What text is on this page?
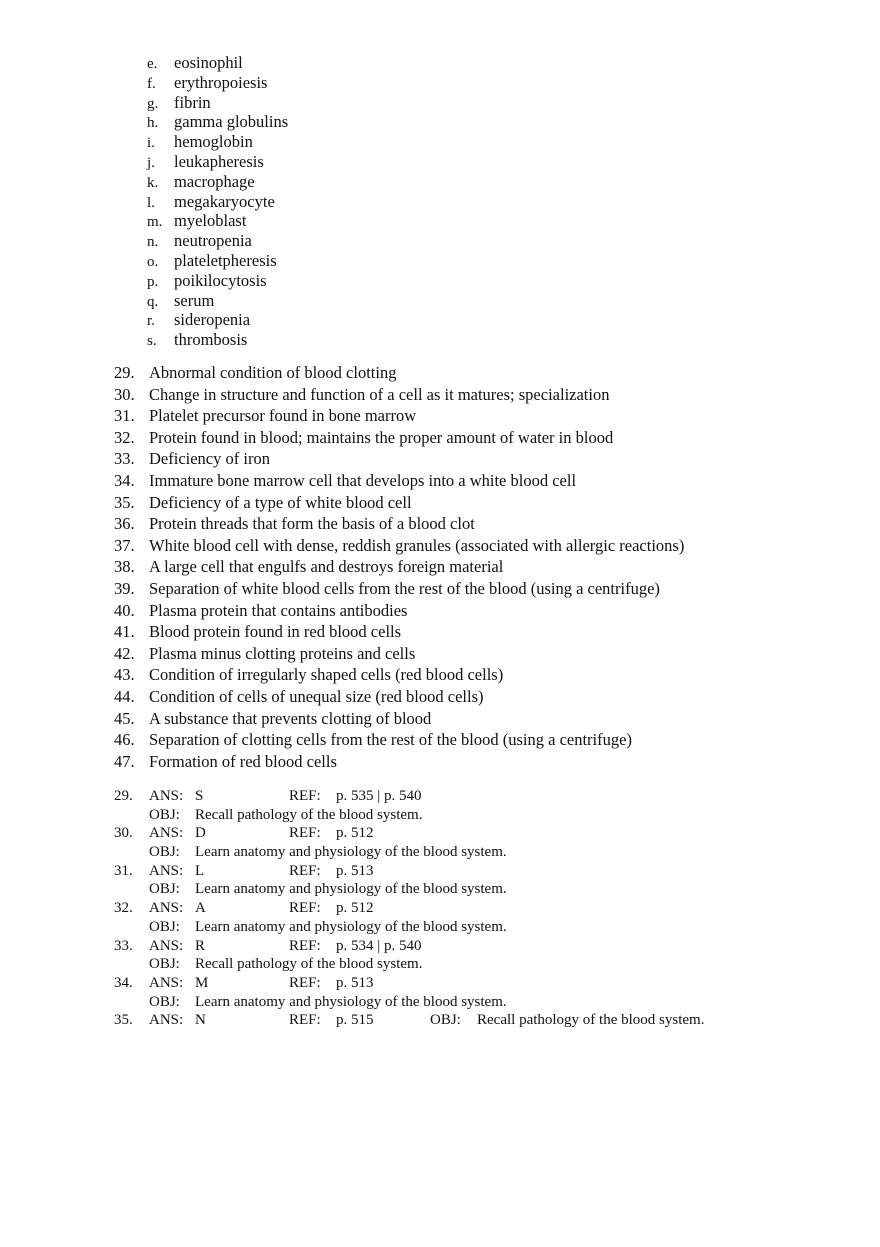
e. eosinophil
f. erythropoiesis
g. fibrin
h. gamma globulins
i. hemoglobin
j. leukapheresis
k. macrophage
l. megakaryocyte
m. myeloblast
n. neutropenia
o. plateletpheresis
p. poikilocytosis
q. serum
r. sideropenia
s. thrombosis
29. Abnormal condition of blood clotting
30. Change in structure and function of a cell as it matures; specialization
31. Platelet precursor found in bone marrow
32. Protein found in blood; maintains the proper amount of water in blood
33. Deficiency of iron
34. Immature bone marrow cell that develops into a white blood cell
35. Deficiency of a type of white blood cell
36. Protein threads that form the basis of a blood clot
37. White blood cell with dense, reddish granules (associated with allergic reactions)
38. A large cell that engulfs and destroys foreign material
39. Separation of white blood cells from the rest of the blood (using a centrifuge)
40. Plasma protein that contains antibodies
41. Blood protein found in red blood cells
42. Plasma minus clotting proteins and cells
43. Condition of irregularly shaped cells (red blood cells)
44. Condition of cells of unequal size (red blood cells)
45. A substance that prevents clotting of blood
46. Separation of clotting cells from the rest of the blood (using a centrifuge)
47. Formation of red blood cells
29. ANS: S	REF: p. 535 | p. 540
OBJ: Recall pathology of the blood system.
30. ANS: D	REF: p. 512
OBJ: Learn anatomy and physiology of the blood system.
31. ANS: L	REF: p. 513
OBJ: Learn anatomy and physiology of the blood system.
32. ANS: A	REF: p. 512
OBJ: Learn anatomy and physiology of the blood system.
33. ANS: R	REF: p. 534 | p. 540
OBJ: Recall pathology of the blood system.
34. ANS: M	REF: p. 513
OBJ: Learn anatomy and physiology of the blood system.
35. ANS: N	REF: p. 515	OBJ: Recall pathology of the blood system.
